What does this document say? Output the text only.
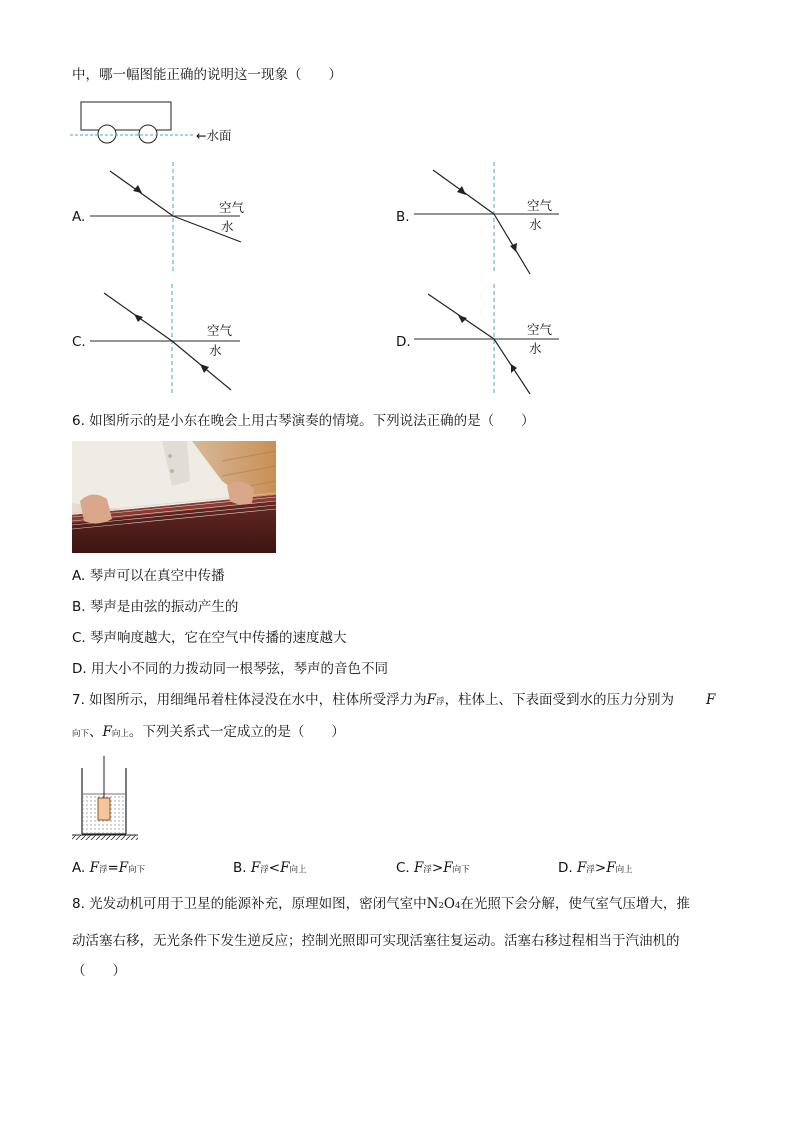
中，哪一幅图能正确的说明这一现象（　　）
←水面
A.
空气
水
B.
空气
水
C.
空气
水
D.
空气
水
6. 如图所示的是小东在晚会上用古琴演奏的情境。下列说法正确的是（　　）
A. 琴声可以在真空中传播
B. 琴声是由弦的振动产生的
C. 琴声响度越大，它在空气中传播的速度越大
D. 用大小不同的力拨动同一根琴弦，琴声的音色不同
7. 如图所示，用细绳吊着柱体浸没在水中，柱体所受浮力为F浮，柱体上、下表面受到水的压力分别为 F
向下、F向上。下列关系式一定成立的是（　　）
A. F浮=F向下	B. F浮<F向上	C. F浮>F向下	D. F浮>F向上
8. 光发动机可用于卫星的能源补充，原理如图，密闭气室中N2O4在光照下会分解，使气室气压增大，推
动活塞右移，无光条件下发生逆反应；控制光照即可实现活塞往复运动。活塞右移过程相当于汽油机的
（　　）
